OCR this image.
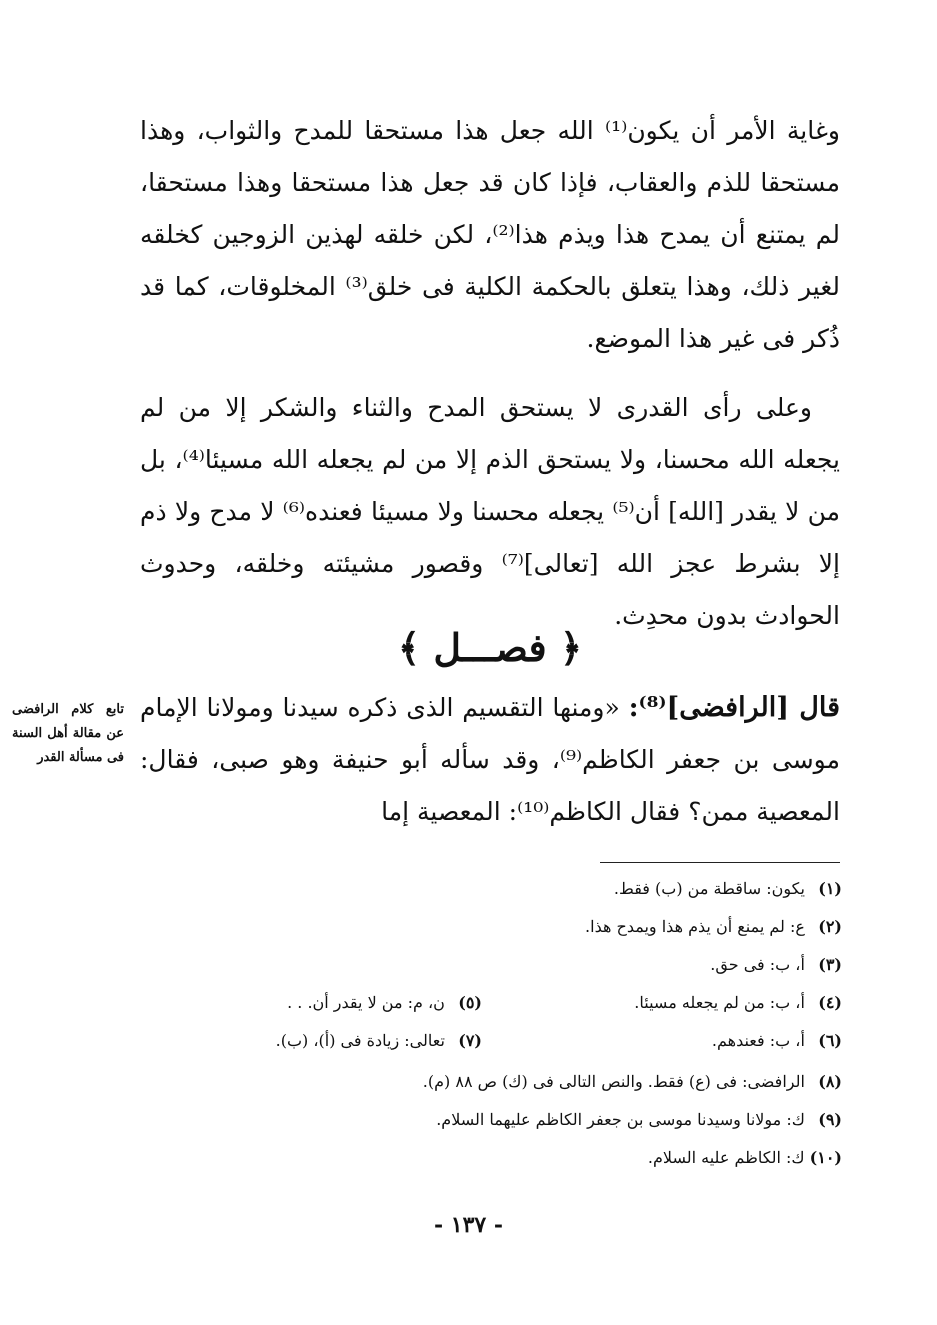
وغاية الأمر أن يكون⁽¹⁾ الله جعل هذا مستحقا للمدح والثواب، وهذا مستحقا للذم والعقاب، فإذا كان قد جعل هذا مستحقا وهذا مستحقا، لم يمتنع أن يمدح هذا ويذم هذا⁽²⁾، لكن خلقه لهذين الزوجين كخلقه لغير ذلك، وهذا يتعلق بالحكمة الكلية فى خلق⁽³⁾ المخلوقات، كما قد ذُكر فى غير هذا الموضع.

وعلى رأى القدرى لا يستحق المدح والثناء والشكر إلا من لم يجعله الله محسنا، ولا يستحق الذم إلا من لم يجعله الله مسيئا⁽⁴⁾، بل من لا يقدر [الله] أن⁽⁵⁾ يجعله محسنا ولا مسيئا فعنده⁽⁶⁾ لا مدح ولا ذم إلا بشرط عجز الله [تعالى]⁽⁷⁾ وقصور مشيئته وخلقه، وحدوث الحوادث بدون محدِث.

﴿ فصـــل ﴾

قال [الرافضى]⁽⁸⁾: «ومنها التقسيم الذى ذكره سيدنا ومولانا الإمام موسى بن جعفر الكاظم⁽⁹⁾، وقد سأله أبو حنيفة وهو صبى، فقال: المعصية ممن؟ فقال الكاظم⁽¹⁰⁾: المعصية إما

تابع كلام الرافضى عن مقالة أهل السنة فى مسألة القدر
(١) يكون: ساقطة من (ب) فقط.
(٢) ع: لم يمنع أن يذم هذا ويمدح هذا.
(٣) أ، ب: فى حق.
(٤) أ، ب: من لم يجعله مسيئا.
(٥) ن، م: من لا يقدر أن. . .
(٦) أ، ب: فعندهم.
(٧) تعالى: زيادة فى (أ)، (ب).
(٨) الرافضى: فى (ع) فقط. والنص التالى فى (ك) ص ٨٨ (م).
(٩) ك: مولانا وسيدنا موسى بن جعفر الكاظم عليهما السلام.
(١٠) ك: الكاظم عليه السلام.
- ١٣٧ -
